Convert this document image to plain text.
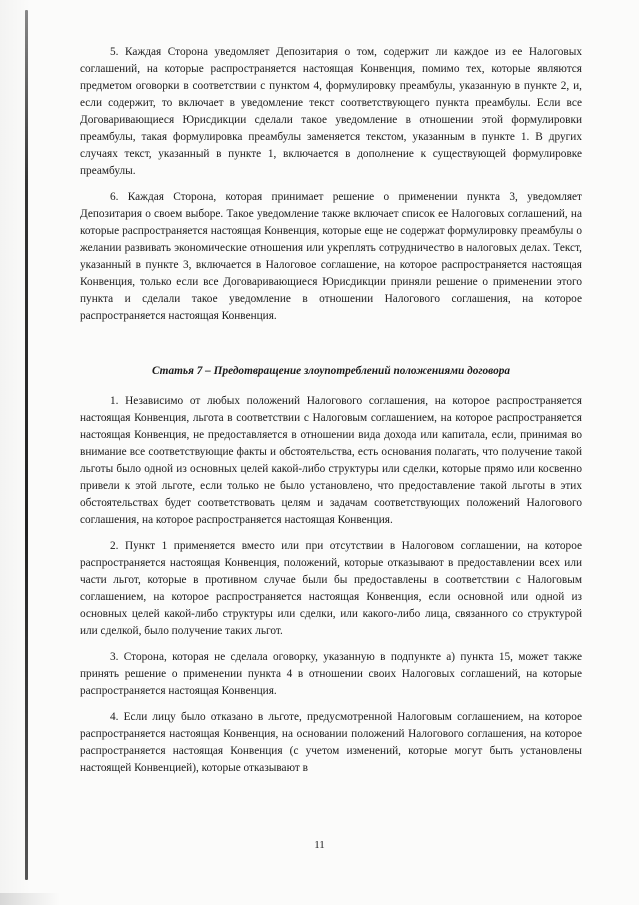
5. Каждая Сторона уведомляет Депозитария о том, содержит ли каждое из ее Налоговых соглашений, на которые распространяется настоящая Конвенция, помимо тех, которые являются предметом оговорки в соответствии с пунктом 4, формулировку преамбулы, указанную в пункте 2, и, если содержит, то включает в уведомление текст соответствующего пункта преамбулы. Если все Договаривающиеся Юрисдикции сделали такое уведомление в отношении этой формулировки преамбулы, такая формулировка преамбулы заменяется текстом, указанным в пункте 1. В других случаях текст, указанный в пункте 1, включается в дополнение к существующей формулировке преамбулы.

6. Каждая Сторона, которая принимает решение о применении пункта 3, уведомляет Депозитария о своем выборе. Такое уведомление также включает список ее Налоговых соглашений, на которые распространяется настоящая Конвенция, которые еще не содержат формулировку преамбулы о желании развивать экономические отношения или укреплять сотрудничество в налоговых делах. Текст, указанный в пункте 3, включается в Налоговое соглашение, на которое распространяется настоящая Конвенция, только если все Договаривающиеся Юрисдикции приняли решение о применении этого пункта и сделали такое уведомление в отношении Налогового соглашения, на которое распространяется настоящая Конвенция.

Статья 7 – Предотвращение злоупотреблений положениями договора

1. Независимо от любых положений Налогового соглашения, на которое распространяется настоящая Конвенция, льгота в соответствии с Налоговым соглашением, на которое распространяется настоящая Конвенция, не предоставляется в отношении вида дохода или капитала, если, принимая во внимание все соответствующие факты и обстоятельства, есть основания полагать, что получение такой льготы было одной из основных целей какой-либо структуры или сделки, которые прямо или косвенно привели к этой льготе, если только не было установлено, что предоставление такой льготы в этих обстоятельствах будет соответствовать целям и задачам соответствующих положений Налогового соглашения, на которое распространяется настоящая Конвенция.

2. Пункт 1 применяется вместо или при отсутствии в Налоговом соглашении, на которое распространяется настоящая Конвенция, положений, которые отказывают в предоставлении всех или части льгот, которые в противном случае были бы предоставлены в соответствии с Налоговым соглашением, на которое распространяется настоящая Конвенция, если основной или одной из основных целей какой-либо структуры или сделки, или какого-либо лица, связанного со структурой или сделкой, было получение таких льгот.

3. Сторона, которая не сделала оговорку, указанную в подпункте а) пункта 15, может также принять решение о применении пункта 4 в отношении своих Налоговых соглашений, на которые распространяется настоящая Конвенция.

4. Если лицу было отказано в льготе, предусмотренной Налоговым соглашением, на которое распространяется настоящая Конвенция, на основании положений Налогового соглашения, на которое распространяется настоящая Конвенция (с учетом изменений, которые могут быть установлены настоящей Конвенцией), которые отказывают в

11
